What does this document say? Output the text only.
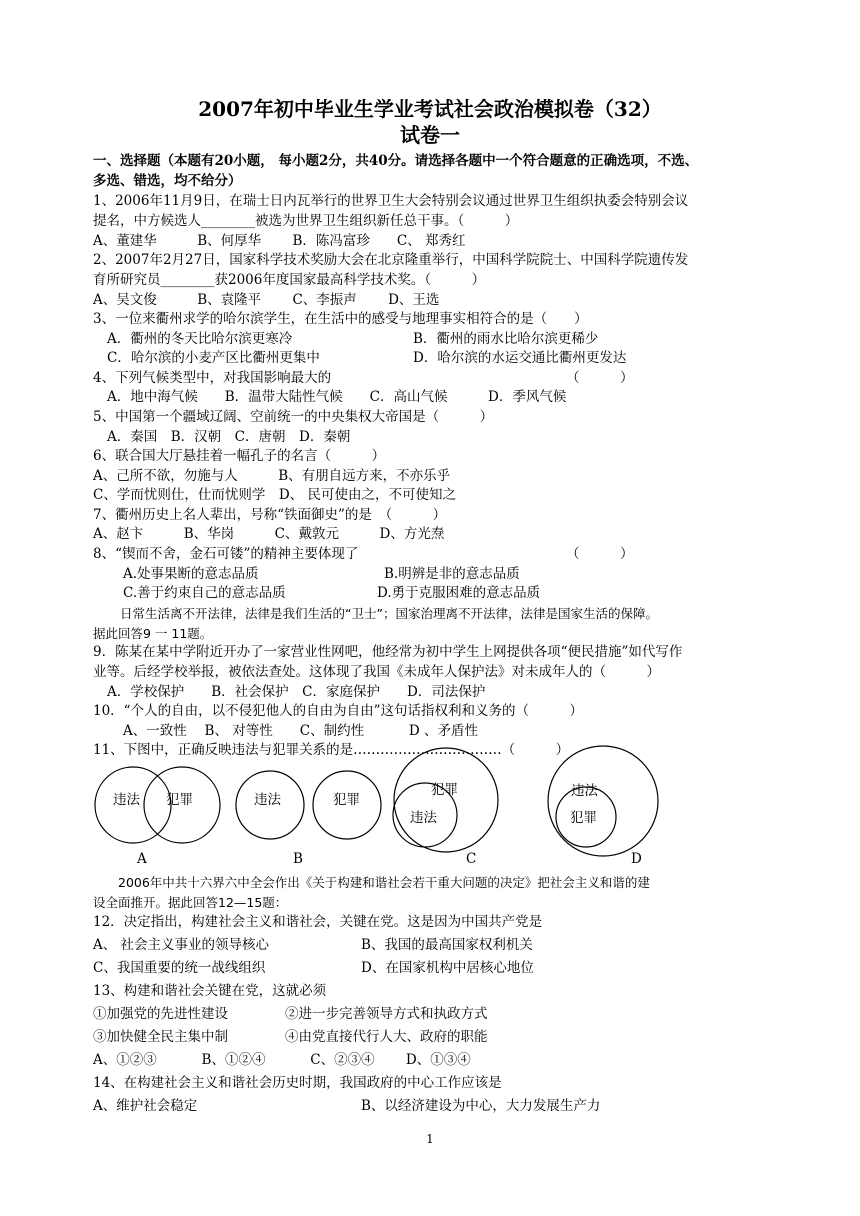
2007年初中毕业生学业考试社会政治模拟卷（32）
试卷一
一、选择题（本题有20小题， 每小题2分，共40分。请选择各题中一个符合题意的正确选项，不选、
多选、错选，均不给分）
1、2006年11月9日，在瑞士日内瓦举行的世界卫生大会特别会议通过世界卫生组织执委会特别会议
提名，中方候选人________被选为世界卫生组织新任总干事。（　　　）
A、董建华　　　B、何厚华　　 B．陈冯富珍　　C、 郑秀红
2、2007年2月27日，国家科学技术奖励大会在北京隆重举行，中国科学院院士、中国科学院遗传发
育所研究员________获2006年度国家最高科学技术奖。（　　　）
A、吴文俊　　　B、袁隆平　　 C、李振声　　 D、王选
3、一位来衢州求学的哈尔滨学生，在生活中的感受与地理事实相符合的是（　　）
A．衢州的冬天比哈尔滨更寒冷	B．衢州的雨水比哈尔滨更稀少
C．哈尔滨的小麦产区比衢州更集中	D．哈尔滨的水运交通比衢州更发达
4、下列气候类型中，对我国影响最大的	（　　　）
A．地中海气候　　B．温带大陆性气候　　C．高山气候　　　D．季风气候
5、中国第一个疆域辽阔、空前统一的中央集权大帝国是（　　　）
A．秦国　B．汉朝　C．唐朝　D．秦朝
6、联合国大厅悬挂着一幅孔子的名言（　　　）
A、己所不欲，勿施与人　　　B、有朋自远方来，不亦乐乎
C、学而忧则仕，仕而忧则学　D、 民可使由之，不可使知之
7、衢州历史上名人辈出，号称“铁面御史”的是　（　　　）
A、赵卞　　　B、华岗　　　C、戴敦元　　　D、方光焘
8、“锲而不舍，金石可镂”的精神主要体现了	（　　　）
A.处事果断的意志品质	B.明辨是非的意志品质
C.善于约束自己的意志品质	D.勇于克服困难的意志品质
日常生活离不开法律，法律是我们生活的“卫士”；国家治理离不开法律，法律是国家生活的保障。
据此回答9 一 11题。
9．陈某在某中学附近开办了一家营业性网吧，他经常为初中学生上网提供各项“便民措施”如代写作
业等。后经学校举报，被依法查处。这体现了我国《未成年人保护法》对未成年人的（　　　）
A．学校保护　　B．社会保护　C．家庭保护　　D．司法保护
10．“个人的自由，以不侵犯他人的自由为自由”这句话指权利和义务的（　　　）
A、一致性　 B、 对等性　　C、制约性　　　 D 、矛盾性
11、下图中，正确反映违法与犯罪关系的是……………………………（　　　）
违法 犯罪	违法	犯罪
犯罪
违法
违法
犯罪
A	B	C	D
2006年中共十六界六中全会作出《关于构建和谐社会若干重大问题的决定》把社会主义和谐的建
设全面推开。据此回答12—15题：
12．决定指出，构建社会主义和谐社会，关键在党。这是因为中国共产党是
A、 社会主义事业的领导核心	B、我国的最高国家权利机关
C、我国重要的统一战线组织	D、在国家机构中居核心地位
13、构建和谐社会关键在党，这就必须
①加强党的先进性建设	②进一步完善领导方式和执政方式
③加快健全民主集中制	④由党直接代行人大、政府的职能
A、①②③　　　 B、①②④　　　 C、②③④　　 D、①③④
14、在构建社会主义和谐社会历史时期，我国政府的中心工作应该是
A、维护社会稳定	B、以经济建设为中心，大力发展生产力
1
